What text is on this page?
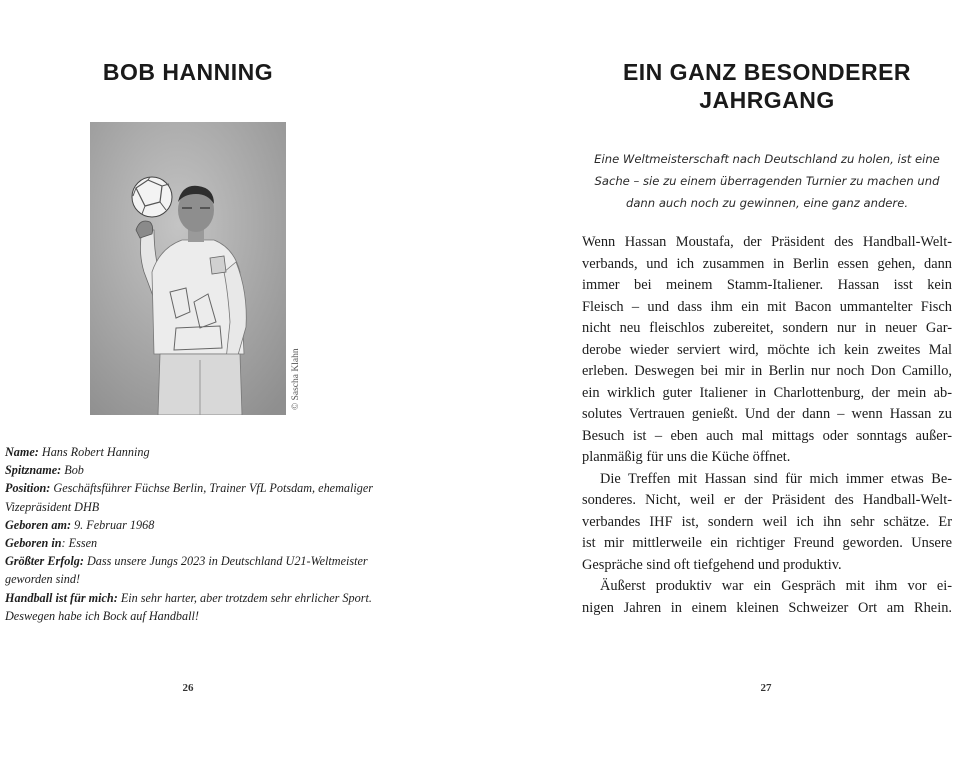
BOB HANNING
© Sascha Klahn

Name: Hans Robert Hanning

Spitzname: Bob

Position: Geschäftsführer Füchse Berlin, Trainer VfL Potsdam, ehemaliger Vizepräsident DHB

Geboren am: 9. Februar 1968

Geboren in: Essen

Größter Erfolg: Dass unsere Jungs 2023 in Deutschland U21-Weltmeister geworden sind!

Handball ist für mich: Ein sehr harter, aber trotzdem sehr ehrlicher Sport. Deswegen habe ich Bock auf Handball!

26
EIN GANZ BESONDERER
JAHRGANG

Eine Weltmeisterschaft nach Deutschland zu holen, ist eine
Sache – sie zu einem überragenden Turnier zu machen und
dann auch noch zu gewinnen, eine ganz andere.

Wenn Hassan Moustafa, der Präsident des Handball-Welt-
verbands, und ich zusammen in Berlin essen gehen, dann
immer bei meinem Stamm-Italiener. Hassan isst kein
Fleisch – und dass ihm ein mit Bacon ummantelter Fisch
nicht neu fleischlos zubereitet, sondern nur in neuer Gar-
derobe wieder serviert wird, möchte ich kein zweites Mal
erleben. Deswegen bei mir in Berlin nur noch Don Camillo,
ein wirklich guter Italiener in Charlottenburg, der mein ab-
solutes Vertrauen genießt. Und der dann – wenn Hassan zu
Besuch ist – eben auch mal mittags oder sonntags außer-
planmäßig für uns die Küche öffnet.

Die Treffen mit Hassan sind für mich immer etwas Be-
sonderes. Nicht, weil er der Präsident des Handball-Welt-
verbandes IHF ist, sondern weil ich ihn sehr schätze. Er
ist mir mittlerweile ein richtiger Freund geworden. Unsere
Gespräche sind oft tiefgehend und produktiv.

Äußerst produktiv war ein Gespräch mit ihm vor ei-
nigen Jahren in einem kleinen Schweizer Ort am Rhein.

27
